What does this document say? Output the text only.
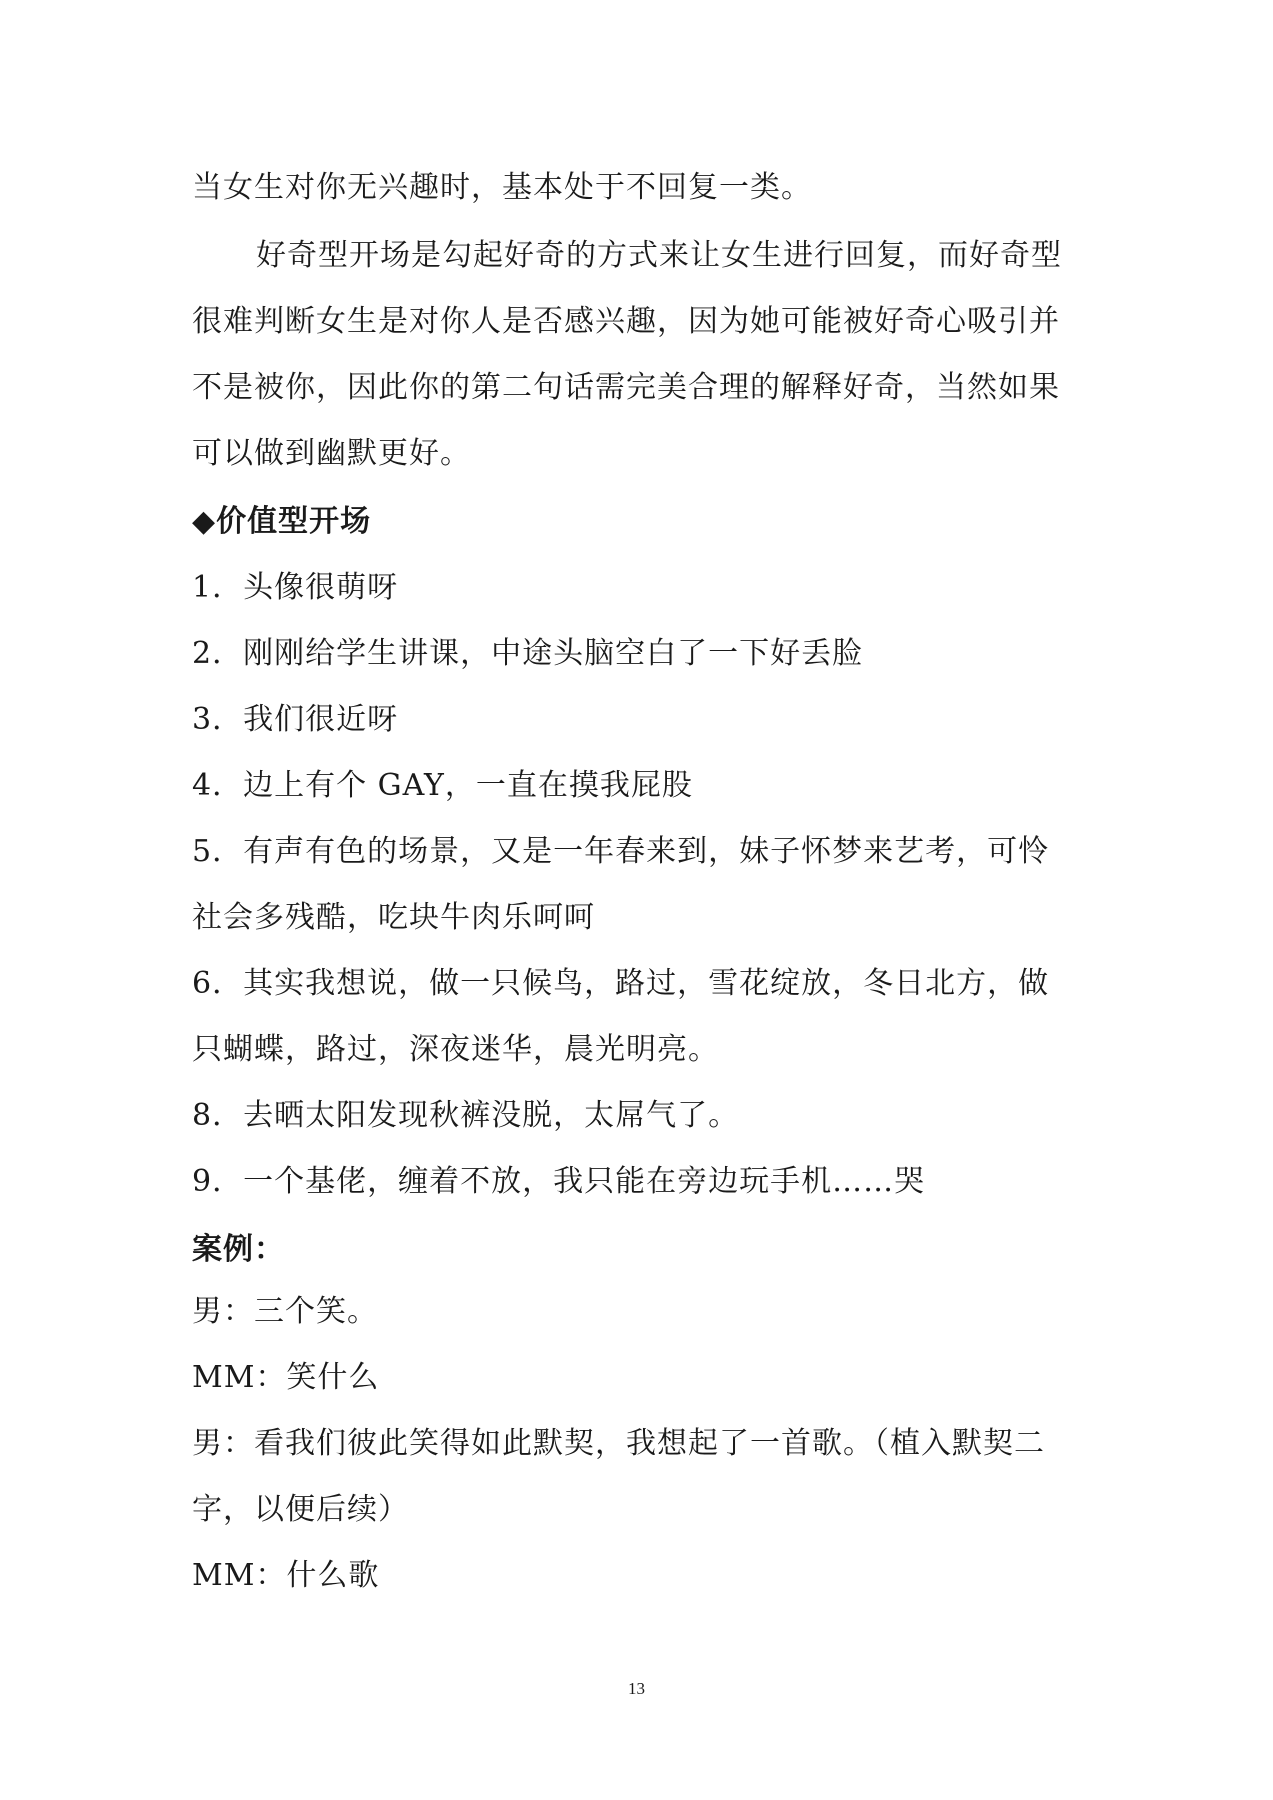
当女生对你无兴趣时，基本处于不回复一类。
好奇型开场是勾起好奇的方式来让女生进行回复，而好奇型
很难判断女生是对你人是否感兴趣，因为她可能被好奇心吸引并
不是被你，因此你的第二句话需完美合理的解释好奇，当然如果
可以做到幽默更好。
◆价值型开场
1．头像很萌呀
2．刚刚给学生讲课，中途头脑空白了一下好丢脸
3．我们很近呀
4．边上有个 GAY，一直在摸我屁股
5．有声有色的场景，又是一年春来到，妹子怀梦来艺考，可怜
社会多残酷，吃块牛肉乐呵呵
6．其实我想说，做一只候鸟，路过，雪花绽放，冬日北方，做
只蝴蝶，路过，深夜迷华，晨光明亮。
8．去晒太阳发现秋裤没脱，太屌气了。
9．一个基佬，缠着不放，我只能在旁边玩手机……哭
案例：
男：三个笑。
MM：笑什么
男：看我们彼此笑得如此默契，我想起了一首歌。（植入默契二
字，以便后续）
MM：什么歌
13
